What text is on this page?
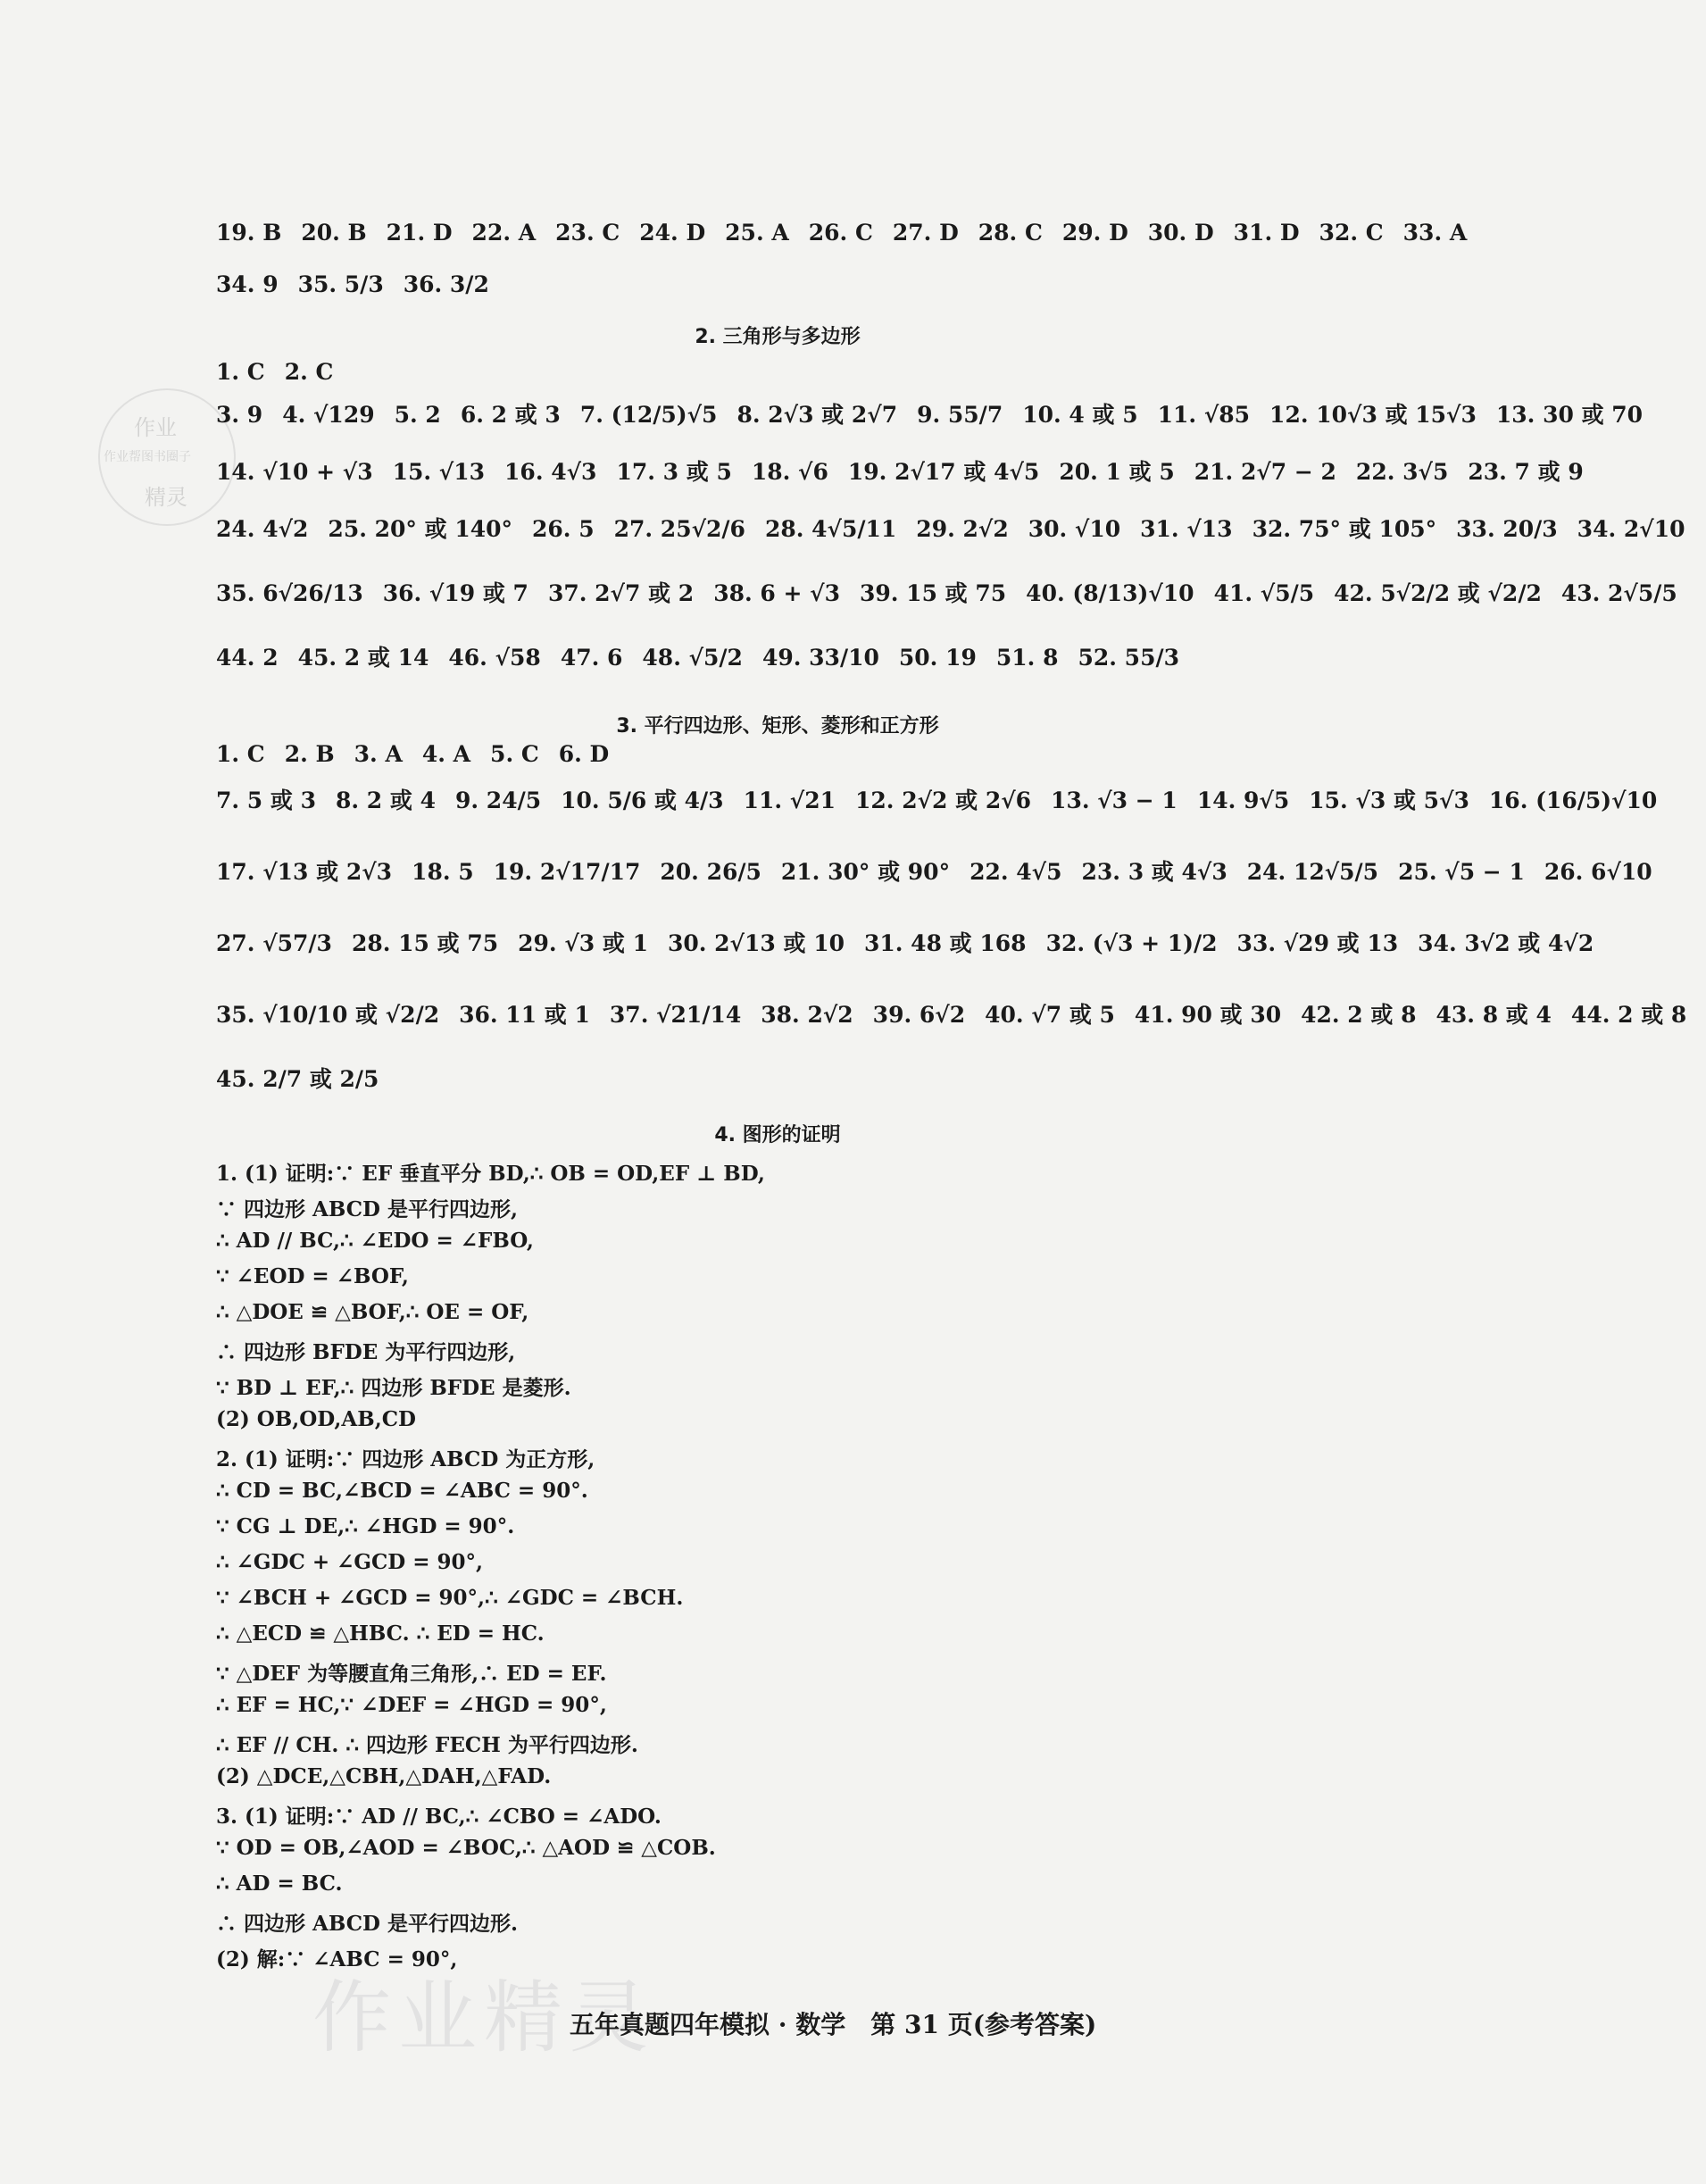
作业
作业帮图书圈子
精灵
作业精灵
19. B 20. B 21. D 22. A 23. C 24. D 25. A 26. C 27. D 28. C 29. D 30. D 31. D 32. C 33. A
34. 9 35. 5/3 36. 3/2
1. C 2. C
3. 9 4. √129 5. 2 6. 2 或 3 7. (12/5)√5 8. 2√3 或 2√7 9. 55/7 10. 4 或 5 11. √85 12. 10√3 或 15√3 13. 30 或 70
14. √10 + √3 15. √13 16. 4√3 17. 3 或 5 18. √6 19. 2√17 或 4√5 20. 1 或 5 21. 2√7 − 2 22. 3√5 23. 7 或 9
24. 4√2 25. 20° 或 140° 26. 5 27. 25√2/6 28. 4√5/11 29. 2√2 30. √10 31. √13 32. 75° 或 105° 33. 20/3 34. 2√10
35. 6√26/13 36. √19 或 7 37. 2√7 或 2 38. 6 + √3 39. 15 或 75 40. (8/13)√10 41. √5/5 42. 5√2/2 或 √2/2 43. 2√5/5
44. 2 45. 2 或 14 46. √58 47. 6 48. √5/2 49. 33/10 50. 19 51. 8 52. 55/3
1. C 2. B 3. A 4. A 5. C 6. D
7. 5 或 3 8. 2 或 4 9. 24/5 10. 5/6 或 4/3 11. √21 12. 2√2 或 2√6 13. √3 − 1 14. 9√5 15. √3 或 5√3 16. (16/5)√10
17. √13 或 2√3 18. 5 19. 2√17/17 20. 26/5 21. 30° 或 90° 22. 4√5 23. 3 或 4√3 24. 12√5/5 25. √5 − 1 26. 6√10
27. √57/3 28. 15 或 75 29. √3 或 1 30. 2√13 或 10 31. 48 或 168 32. (√3 + 1)/2 33. √29 或 13 34. 3√2 或 4√2
35. √10/10 或 √2/2 36. 11 或 1 37. √21/14 38. 2√2 39. 6√2 40. √7 或 5 41. 90 或 30 42. 2 或 8 43. 8 或 4 44. 2 或 8
45. 2/7 或 2/5
2. 三角形与多边形
3. 平行四边形、矩形、菱形和正方形
4. 图形的证明
1. (1) 证明:∵ EF 垂直平分 BD,∴ OB = OD,EF ⊥ BD,
∵ 四边形 ABCD 是平行四边形,
∴ AD // BC,∴ ∠EDO = ∠FBO,
∵ ∠EOD = ∠BOF,
∴ △DOE ≌ △BOF,∴ OE = OF,
∴ 四边形 BFDE 为平行四边形,
∵ BD ⊥ EF,∴ 四边形 BFDE 是菱形.
(2) OB,OD,AB,CD
2. (1) 证明:∵ 四边形 ABCD 为正方形,
∴ CD = BC,∠BCD = ∠ABC = 90°.
∵ CG ⊥ DE,∴ ∠HGD = 90°.
∴ ∠GDC + ∠GCD = 90°,
∵ ∠BCH + ∠GCD = 90°,∴ ∠GDC = ∠BCH.
∴ △ECD ≌ △HBC. ∴ ED = HC.
∵ △DEF 为等腰直角三角形,∴ ED = EF.
∴ EF = HC,∵ ∠DEF = ∠HGD = 90°,
∴ EF // CH. ∴ 四边形 FECH 为平行四边形.
(2) △DCE,△CBH,△DAH,△FAD.
3. (1) 证明:∵ AD // BC,∴ ∠CBO = ∠ADO.
∵ OD = OB,∠AOD = ∠BOC,∴ △AOD ≌ △COB.
∴ AD = BC.
∴ 四边形 ABCD 是平行四边形.
(2) 解:∵ ∠ABC = 90°,
五年真题四年模拟 · 数学　第 31 页(参考答案)
